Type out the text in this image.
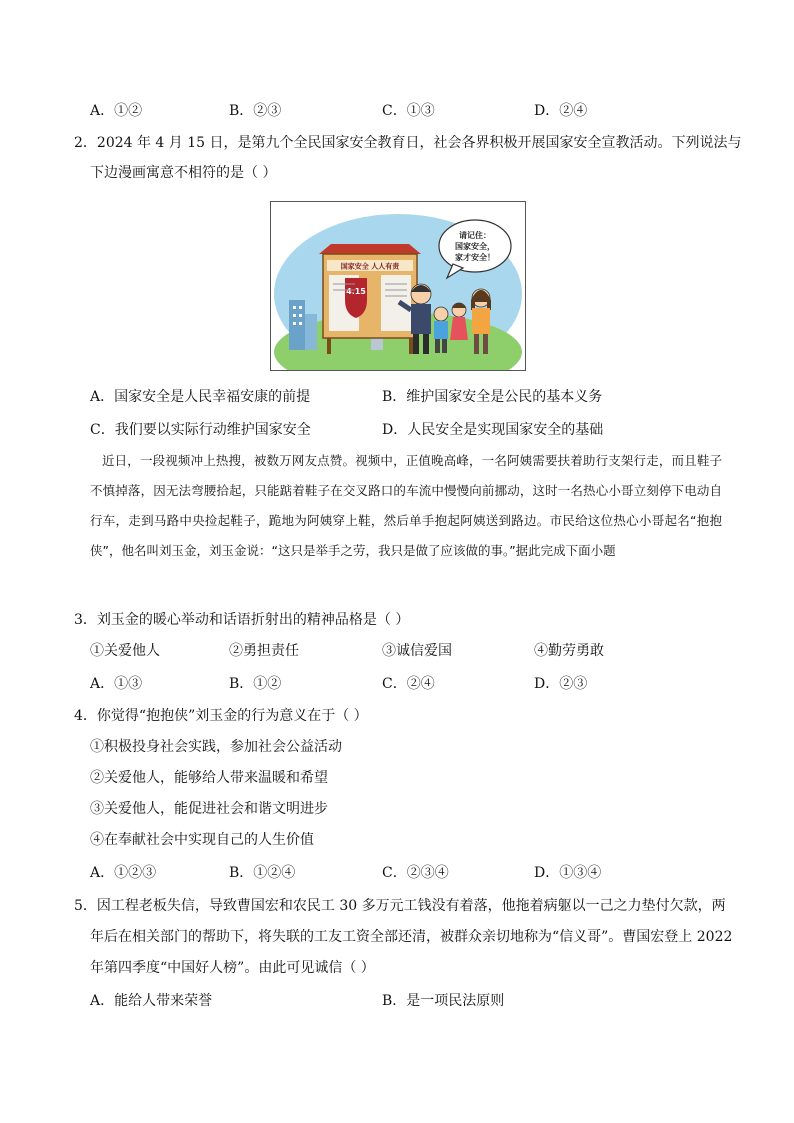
A．①②	B．②③	C．①③	D．②④
2．2024 年 4 月 15 日，是第九个全民国家安全教育日，社会各界积极开展国家安全宣教活动。下列说法与
下边漫画寓意不相符的是（ ）
国家安全 人人有责
4.15
请记住：
国家安全，
家才安全！
A．国家安全是人民幸福安康的前提	B．维护国家安全是公民的基本义务
C．我们要以实际行动维护国家安全	D．人民安全是实现国家安全的基础
近日，一段视频冲上热搜，被数万网友点赞。视频中，正值晚高峰，一名阿姨需要扶着助行支架行走，而且鞋子不慎掉落，因无法弯腰拾起，只能踮着鞋子在交叉路口的车流中慢慢向前挪动，这时一名热心小哥立刻停下电动自行车，走到马路中央捡起鞋子，跪地为阿姨穿上鞋，然后单手抱起阿姨送到路边。市民给这位热心小哥起名“抱抱侠”，他名叫刘玉金，刘玉金说：“这只是举手之劳，我只是做了应该做的事。”据此完成下面小题
3．刘玉金的暖心举动和话语折射出的精神品格是（ ）
①关爱他人	②勇担责任	③诚信爱国	④勤劳勇敢
A．①③	B．①②	C．②④	D．②③
4．你觉得“抱抱侠”刘玉金的行为意义在于（ ）
①积极投身社会实践，参加社会公益活动
②关爱他人，能够给人带来温暖和希望
③关爱他人，能促进社会和谐文明进步
④在奉献社会中实现自己的人生价值
A．①②③	B．①②④	C．②③④	D．①③④
5．因工程老板失信，导致曹国宏和农民工 30 多万元工钱没有着落，他拖着病躯以一己之力垫付欠款，两
年后在相关部门的帮助下，将失联的工友工资全部还清，被群众亲切地称为“信义哥”。曹国宏登上 2022
年第四季度“中国好人榜”。由此可见诚信（ ）
A．能给人带来荣誉	B．是一项民法原则
